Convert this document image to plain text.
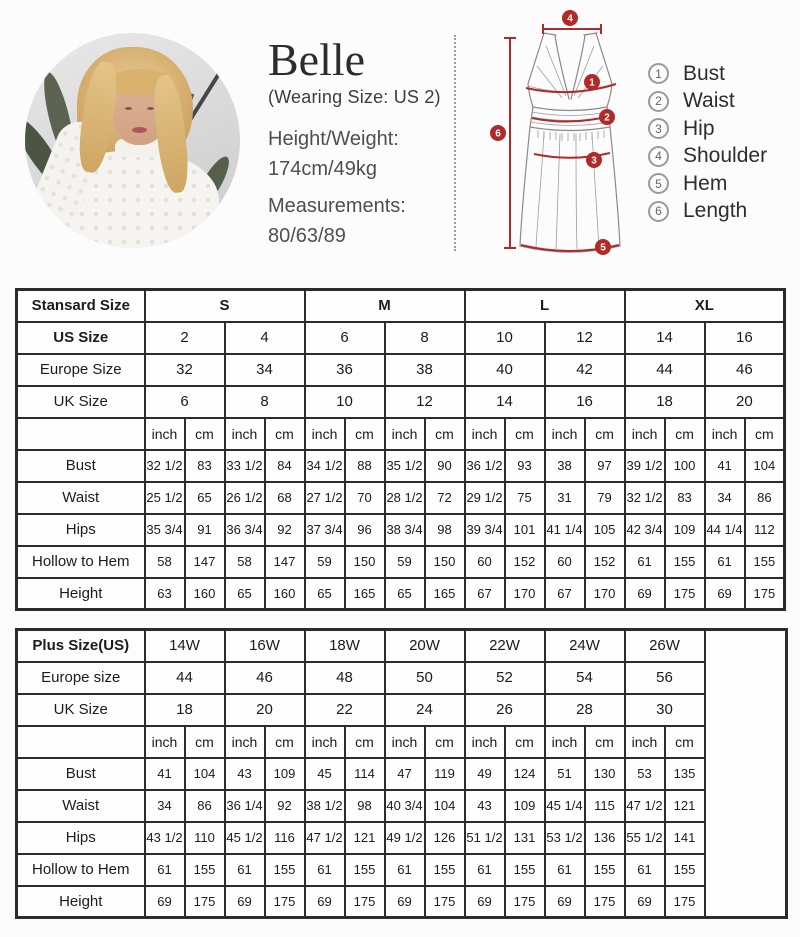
Belle
(Wearing Size: US 2)
Height/Weight:
174cm/49kg
Measurements:
80/63/89
4
6
1
2
3
5
1	Bust
2	Waist
3	Hip
4	Shoulder
5	Hem
6	Length
Stansard Size	S				M				L				XL			
US Size	2		4		6		8		10		12		14		16	
Europe Size	32		34		36		38		40		42		44		46	
UK Size	6		8		10		12		14		16		18		20	
	inch	cm	inch	cm	inch	cm	inch	cm	inch	cm	inch	cm	inch	cm	inch	cm
Bust	32 1/2	83	33 1/2	84	34 1/2	88	35 1/2	90	36 1/2	93	38	97	39 1/2	100	41	104
Waist	25 1/2	65	26 1/2	68	27 1/2	70	28 1/2	72	29 1/2	75	31	79	32 1/2	83	34	86
Hips	35 3/4	91	36 3/4	92	37 3/4	96	38 3/4	98	39 3/4	101	41 1/4	105	42 3/4	109	44 1/4	112
Hollow to Hem	58	147	58	147	59	150	59	150	60	152	60	152	61	155	61	155
Height	63	160	65	160	65	165	65	165	67	170	67	170	69	175	69	175
Plus Size(US)	14W		16W		18W		20W		22W		24W		26W		
Europe size	44		46		48		50		52		54		56		
UK Size	18		20		22		24		26		28		30		
	inch	cm	inch	cm	inch	cm	inch	cm	inch	cm	inch	cm	inch	cm	
Bust	41	104	43	109	45	114	47	119	49	124	51	130	53	135	
Waist	34	86	36 1/4	92	38 1/2	98	40 3/4	104	43	109	45 1/4	115	47 1/2	121	
Hips	43 1/2	110	45 1/2	116	47 1/2	121	49 1/2	126	51 1/2	131	53 1/2	136	55 1/2	141	
Hollow to Hem	61	155	61	155	61	155	61	155	61	155	61	155	61	155	
Height	69	175	69	175	69	175	69	175	69	175	69	175	69	175	
